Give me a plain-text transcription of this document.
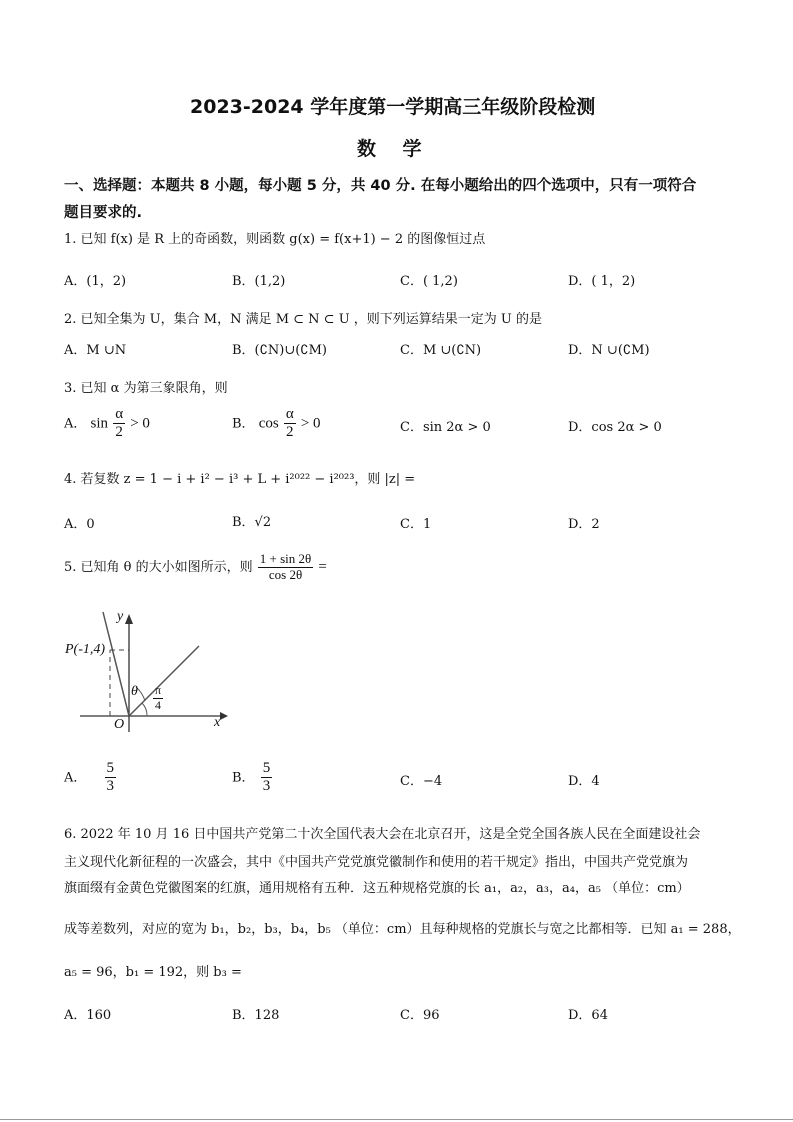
2023-2024 学年度第一学期高三年级阶段检测
数    学
一、选择题：本题共 8 小题，每小题 5 分，共 40 分. 在每小题给出的四个选项中，只有一项符合
题目要求的.
1. 已知 f(x) 是 R 上的奇函数，则函数 g(x) = f(x+1) − 2 的图像恒过点
A．(1，2)	B．(1,2)	C．( 1,2)	D．( 1，2)
2. 已知全集为 U，集合 M，N 满足 M ⊂ N ⊂ U ，则下列运算结果一定为 U 的是
A．M ∪N	B．(∁N)∪(∁M)	C．M ∪(∁N)	D．N ∪(∁M)
3. 已知 α 为第三象限角，则
A． $\sin \frac{\alpha}{2} > 0$	B． $\cos \frac{\alpha}{2} > 0$	C．sin 2α > 0	D．cos 2α > 0
4. 若复数 z = 1 − i + i² − i³ + L + i²⁰²² − i²⁰²³，则 |z| =
A．0	B．√2	C．1	D．2
5. 已知角 θ 的大小如图所示，则 $\frac{1 + \sin 2\theta}{\cos 2\theta}$ =
P(-1,4)
y
x
O
θ $\frac{\pi}{4}$
A． $\frac{5}{3}$	B． $\frac{5}{3}$	C．−4	D．4
6. 2022 年 10 月 16 日中国共产党第二十次全国代表大会在北京召开，这是全党全国各族人民在全面建设社会
主义现代化新征程的一次盛会，其中《中国共产党党旗党徽制作和使用的若干规定》指出，中国共产党党旗为
旗面缀有金黄色党徽图案的红旗，通用规格有五种．这五种规格党旗的长 a₁，a₂，a₃，a₄，a₅ （单位：cm）
成等差数列，对应的宽为 b₁，b₂，b₃，b₄，b₅ （单位：cm）且每种规格的党旗长与宽之比都相等．已知 a₁ = 288，
a₅ = 96，b₁ = 192，则 b₃ =
A．160	B．128	C．96	D．64
